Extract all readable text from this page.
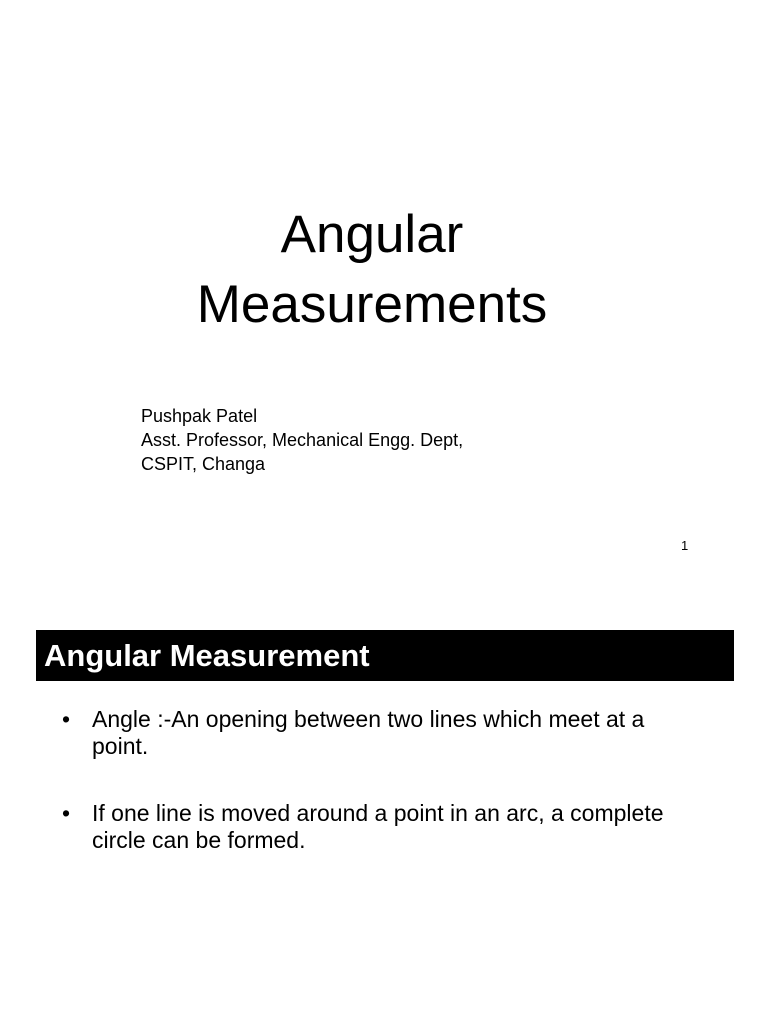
Angular
Measurements
Pushpak Patel
Asst. Professor, Mechanical Engg. Dept,
CSPIT, Changa
1
Angular Measurement
• Angle :-An opening between two lines which meet at a point.
• If one line is moved around a point in an arc, a complete circle can be formed.
